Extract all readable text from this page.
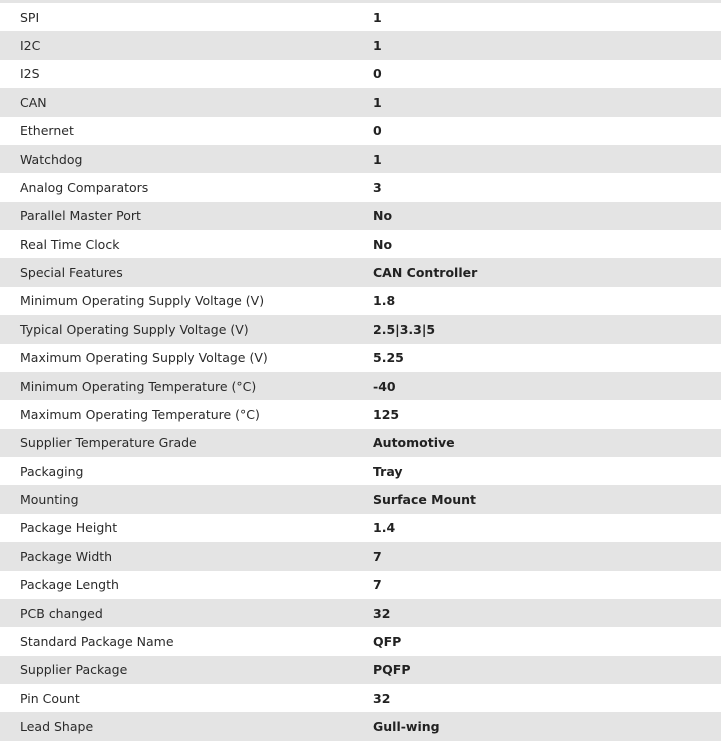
SPI	1
I2C	1
I2S	0
CAN	1
Ethernet	0
Watchdog	1
Analog Comparators	3
Parallel Master Port	No
Real Time Clock	No
Special Features	CAN Controller
Minimum Operating Supply Voltage (V)	1.8
Typical Operating Supply Voltage (V)	2.5|3.3|5
Maximum Operating Supply Voltage (V)	5.25
Minimum Operating Temperature (°C)	-40
Maximum Operating Temperature (°C)	125
Supplier Temperature Grade	Automotive
Packaging	Tray
Mounting	Surface Mount
Package Height	1.4
Package Width	7
Package Length	7
PCB changed	32
Standard Package Name	QFP
Supplier Package	PQFP
Pin Count	32
Lead Shape	Gull-wing
